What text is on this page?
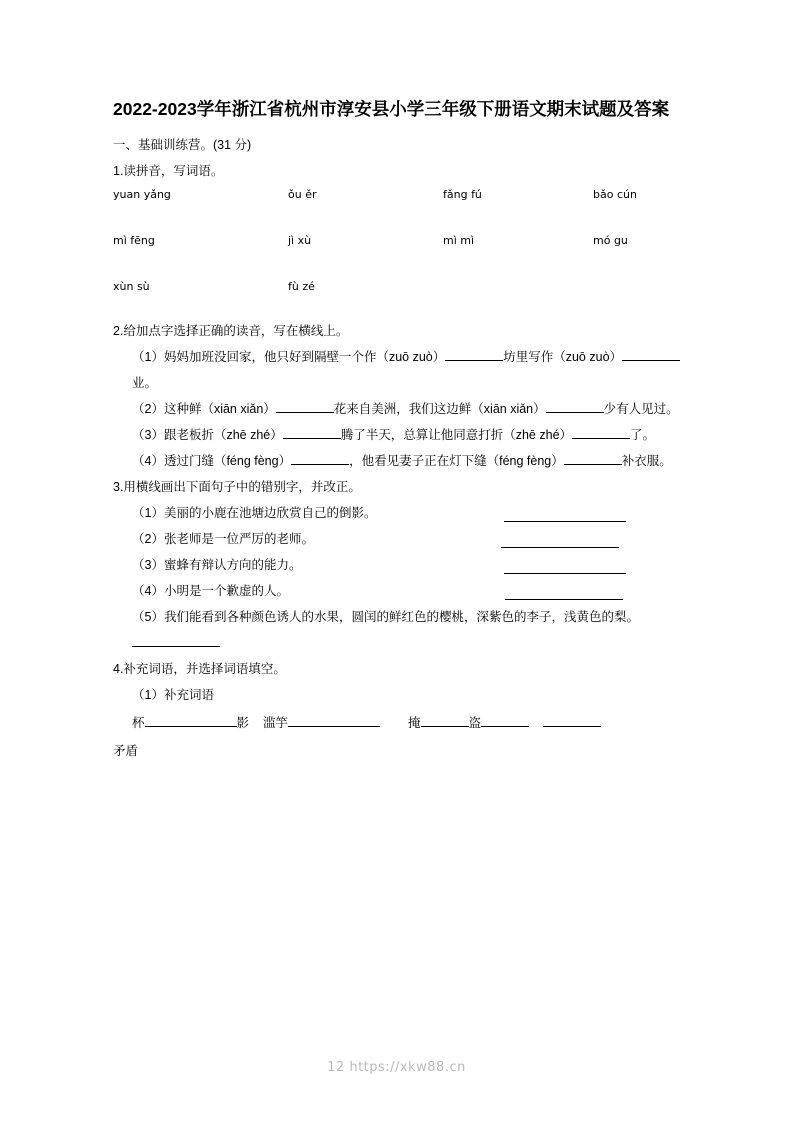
2022-2023学年浙江省杭州市淳安县小学三年级下册语文期末试题及答案

一、基础训练营。(31 分)

1.读拼音，写词语。

yuan yǎng	ǒu ěr	fǎng fú	bǎo cún
mì fēng	jì xù	mì mì	mó gu
xùn sù	fù zé

2.给加点字选择正确的读音，写在横线上。

（1）妈妈加班没回家，他只好到隔壁一个作（zuō zuò）	坊里写作（zuō zuò）业。

（2）这种鲜（xiān xiǎn）	花来自美洲，我们这边鲜（xiān xiǎn）	少有人见过。

（3）跟老板折（zhē zhé）	腾了半天，总算让他同意打折（zhē zhé）	了。

（4）透过门缝（féng fèng）	，他看见妻子正在灯下缝（féng fèng）	补衣服。

3.用横线画出下面句子中的错别字，并改正。

（1）美丽的小鹿在池塘边欣赏自己的倒影。
（2）张老师是一位严厉的老师。
（3）蜜蜂有辩认方向的能力。
（4）小明是一个歉虚的人。

（5）我们能看到各种颜色诱人的水果，圆闰的鲜红色的樱桃，深紫色的李子，浅黄色的梨。

4.补充词语，并选择词语填空。

（1）补充词语

杯	影 滥竽	掩	盗

矛盾

12 https://xkw88.cn
